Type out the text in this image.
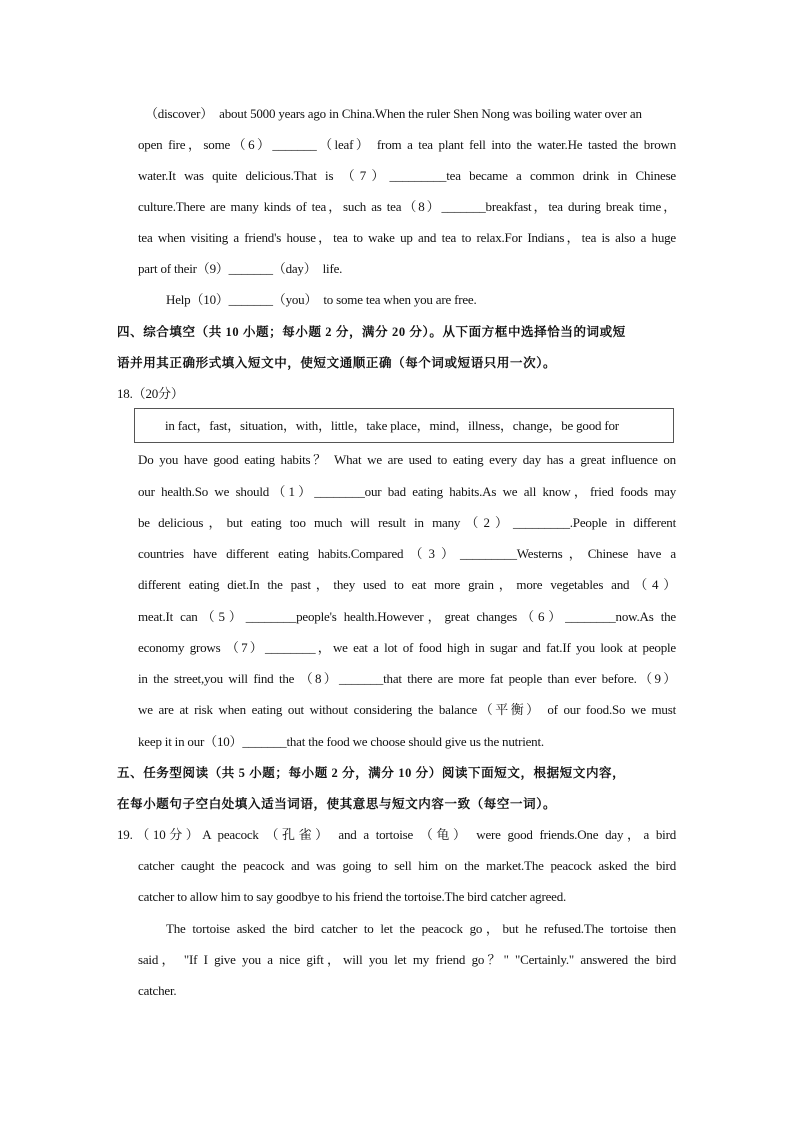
（discover）  about 5000 years ago in China.When the ruler Shen Nong was boiling water over an
open fire，some（6）_______（leaf） from a tea plant fell into the water.He tasted the brown
water.It was quite delicious.That is （7）_________tea became a common drink in Chinese
culture.There are many kinds of tea，such as tea（8）_______breakfast，tea during break time，
tea when visiting a friend's house，tea to wake up and tea to relax.For Indians，tea is also a huge
part of their（9）_______（day）  life.
Help（10）_______（you）  to some tea when you are free.
四、综合填空（共 10 小题；每小题 2 分，满分 20 分）。从下面方框中选择恰当的词或短
语并用其正确形式填入短文中，使短文通顺正确（每个词或短语只用一次）。
18.（20分）
in fact，fast，situation，with，little，take place，mind，illness，change，be good for
Do you have good eating habits？ What we are used to eating every day has a great influence on
our health.So we should（1）________our bad eating habits.As we all know，fried foods may
be delicious，but eating too much will result in many（2）_________.People in different
countries have different eating habits.Compared（3）_________Westerns，Chinese have a
different eating diet.In the past，they used to eat more grain，more vegetables and（4）
meat.It can（5）________people's health.However，great changes（6）________now.As the
economy grows （7）________，we eat a lot of food high in sugar and fat.If you look at people
in the street,you will find the （8）_______that there are more fat people than ever before.（9）
we are at risk when eating out without considering the balance（平衡） of our food.So we must
keep it in our（10）_______that the food we choose should give us the nutrient.
五、任务型阅读（共 5 小题；每小题 2 分，满分 10 分）阅读下面短文，根据短文内容，
在每小题句子空白处填入适当词语，使其意思与短文内容一致（每空一词）。
19.（10分）A peacock （孔雀） and a tortoise （龟） were good friends.One day，a bird
catcher caught the peacock and was going to sell him on the market.The peacock asked the bird
catcher to allow him to say goodbye to his friend the tortoise.The bird catcher agreed.
The tortoise asked the bird catcher to let the peacock go，but he refused.The tortoise then
said， "If I give you a nice gift，will you let my friend go？" "Certainly." answered the bird
catcher.
